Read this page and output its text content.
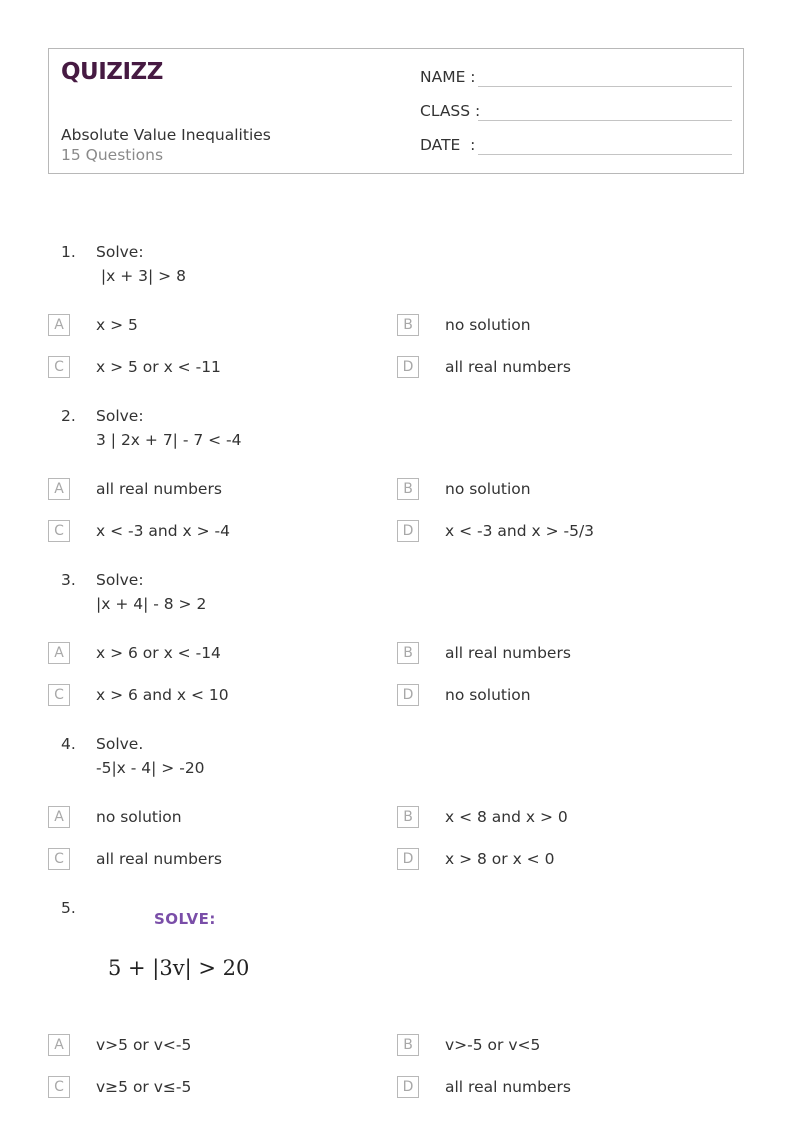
QUIZIZZ
Absolute Value Inequalities
15 Questions
NAME :
CLASS :
DATE  :
1. Solve:
|x + 3| > 8
A	x > 5	B	no solution
C	x > 5 or x < -11	D	all real numbers
2. Solve:
3 | 2x + 7| - 7 < -4
A	all real numbers	B	no solution
C	x < -3 and x > -4	D	x < -3 and x > -5/3
3. Solve:
|x + 4| - 8 > 2
A	x > 6 or x < -14	B	all real numbers
C	x > 6 and x < 10	D	no solution
4. Solve.
-5|x - 4| > -20
A	no solution	B	x < 8 and x > 0
C	all real numbers	D	x > 8 or x < 0
5.
SOLVE:
5 + |3v| > 20
A	v>5 or v<-5	B	v>-5 or v<5
C	v≥5 or v≤-5	D	all real numbers
